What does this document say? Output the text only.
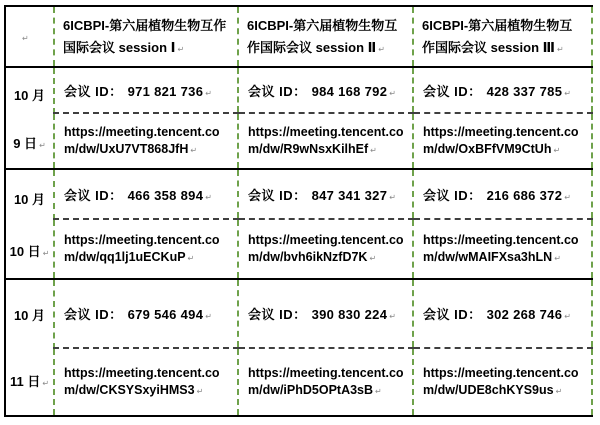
↵	6ICBPI-第六届植物生物互作国际会议 session Ⅰ ↵	6ICBPI-第六届植物生物互作国际会议 session Ⅱ ↵	6ICBPI-第六届植物生物互作国际会议 session Ⅲ ↵

10 月
9 日 ↵	会议 ID： 971 821 736 ↵	会议 ID： 984 168 792 ↵	会议 ID： 428 337 785 ↵
	https://meeting.tencent.com/dw/UxU7VT868JfH ↵	https://meeting.tencent.com/dw/R9wNsxKilhEf ↵	https://meeting.tencent.com/dw/OxBFfVM9CtUh ↵

10 月
10 日 ↵	会议 ID： 466 358 894 ↵	会议 ID： 847 341 327 ↵	会议 ID： 216 686 372 ↵
	https://meeting.tencent.com/dw/qq1lj1uECKuP ↵	https://meeting.tencent.com/dw/bvh6ikNzfD7K ↵	https://meeting.tencent.com/dw/wMAIFXsa3hLN ↵

10 月
11 日 ↵	会议 ID： 679 546 494 ↵	会议 ID： 390 830 224 ↵	会议 ID： 302 268 746 ↵
	https://meeting.tencent.com/dw/CKSYSxyiHMS3 ↵	https://meeting.tencent.com/dw/iPhD5OPtA3sB ↵	https://meeting.tencent.com/dw/UDE8chKYS9us ↵
